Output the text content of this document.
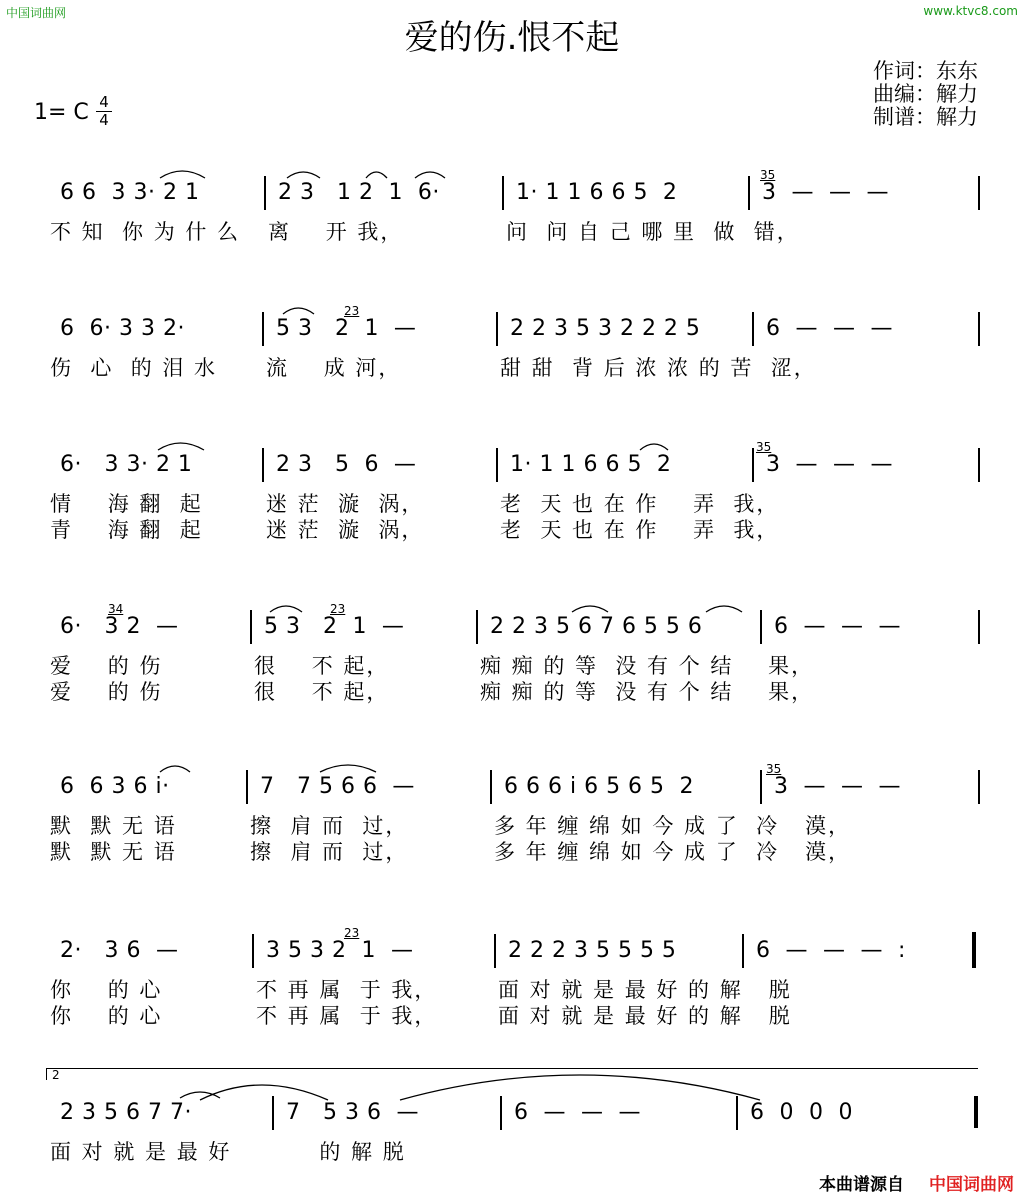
中国词曲网	www.ktvc8.com
爱的伤.恨不起
作词：东东
曲编：解力
制谱：解力
1= C 4
4
6 6  3 3· 2 1
不 知  你 为 什 么
2 3   1 2  1  6·
离    开 我，
1· 1 1 6 6 5  2
问  问 自 己 哪 里  做  错，
3  —  —  —
35
6  6· 3 3 2·
伤  心  的 泪 水
5 3   2  1  —
流    成 河，
2 2 3 5 3 2 2 2 5
甜 甜  背 后 浓 浓 的 苦  涩，
6  —  —  —
23
6·   3 3· 2 1
情    海 翻  起
青    海 翻  起
2 3   5  6  —
迷 茫  漩  涡，
迷 茫  漩  涡，
1· 1 1 6 6 5  2
老  天 也 在 作    弄  我，
老  天 也 在 作    弄  我，
3  —  —  —
35
6·   3 2  —
爱    的 伤
爱    的 伤
5 3   2  1  —
很    不 起，
很    不 起，
2 2 3 5 6 7 6 5 5 6
痴 痴 的 等  没 有 个 结    果，
痴 痴 的 等  没 有 个 结    果，
6  —  —  —
34	23
6  6 3 6 i·
默  默 无 语
默  默 无 语
7   7 5 6 6  —
擦  肩 而  过，
擦  肩 而  过，
6 6 6 i 6 5 6 5  2
多 年 缠 绵 如 今 成 了  冷   漠，
多 年 缠 绵 如 今 成 了  冷   漠，
3  —  —  —
35
2·   3 6  —
你    的 心
你    的 心
3 5 3 2  1  —
不 再 属  于 我，
不 再 属  于 我，
2 2 2 3 5 5 5 5
面 对 就 是 最 好 的 解   脱
面 对 就 是 最 好 的 解   脱
6  —  —  —  :
23
2 3 5 6 7 7·
面 对 就 是 最 好
7   5 3 6  —
的 解 脱
6  —  —  —	6  0  0  0
2
本曲谱源自 中国词曲网
